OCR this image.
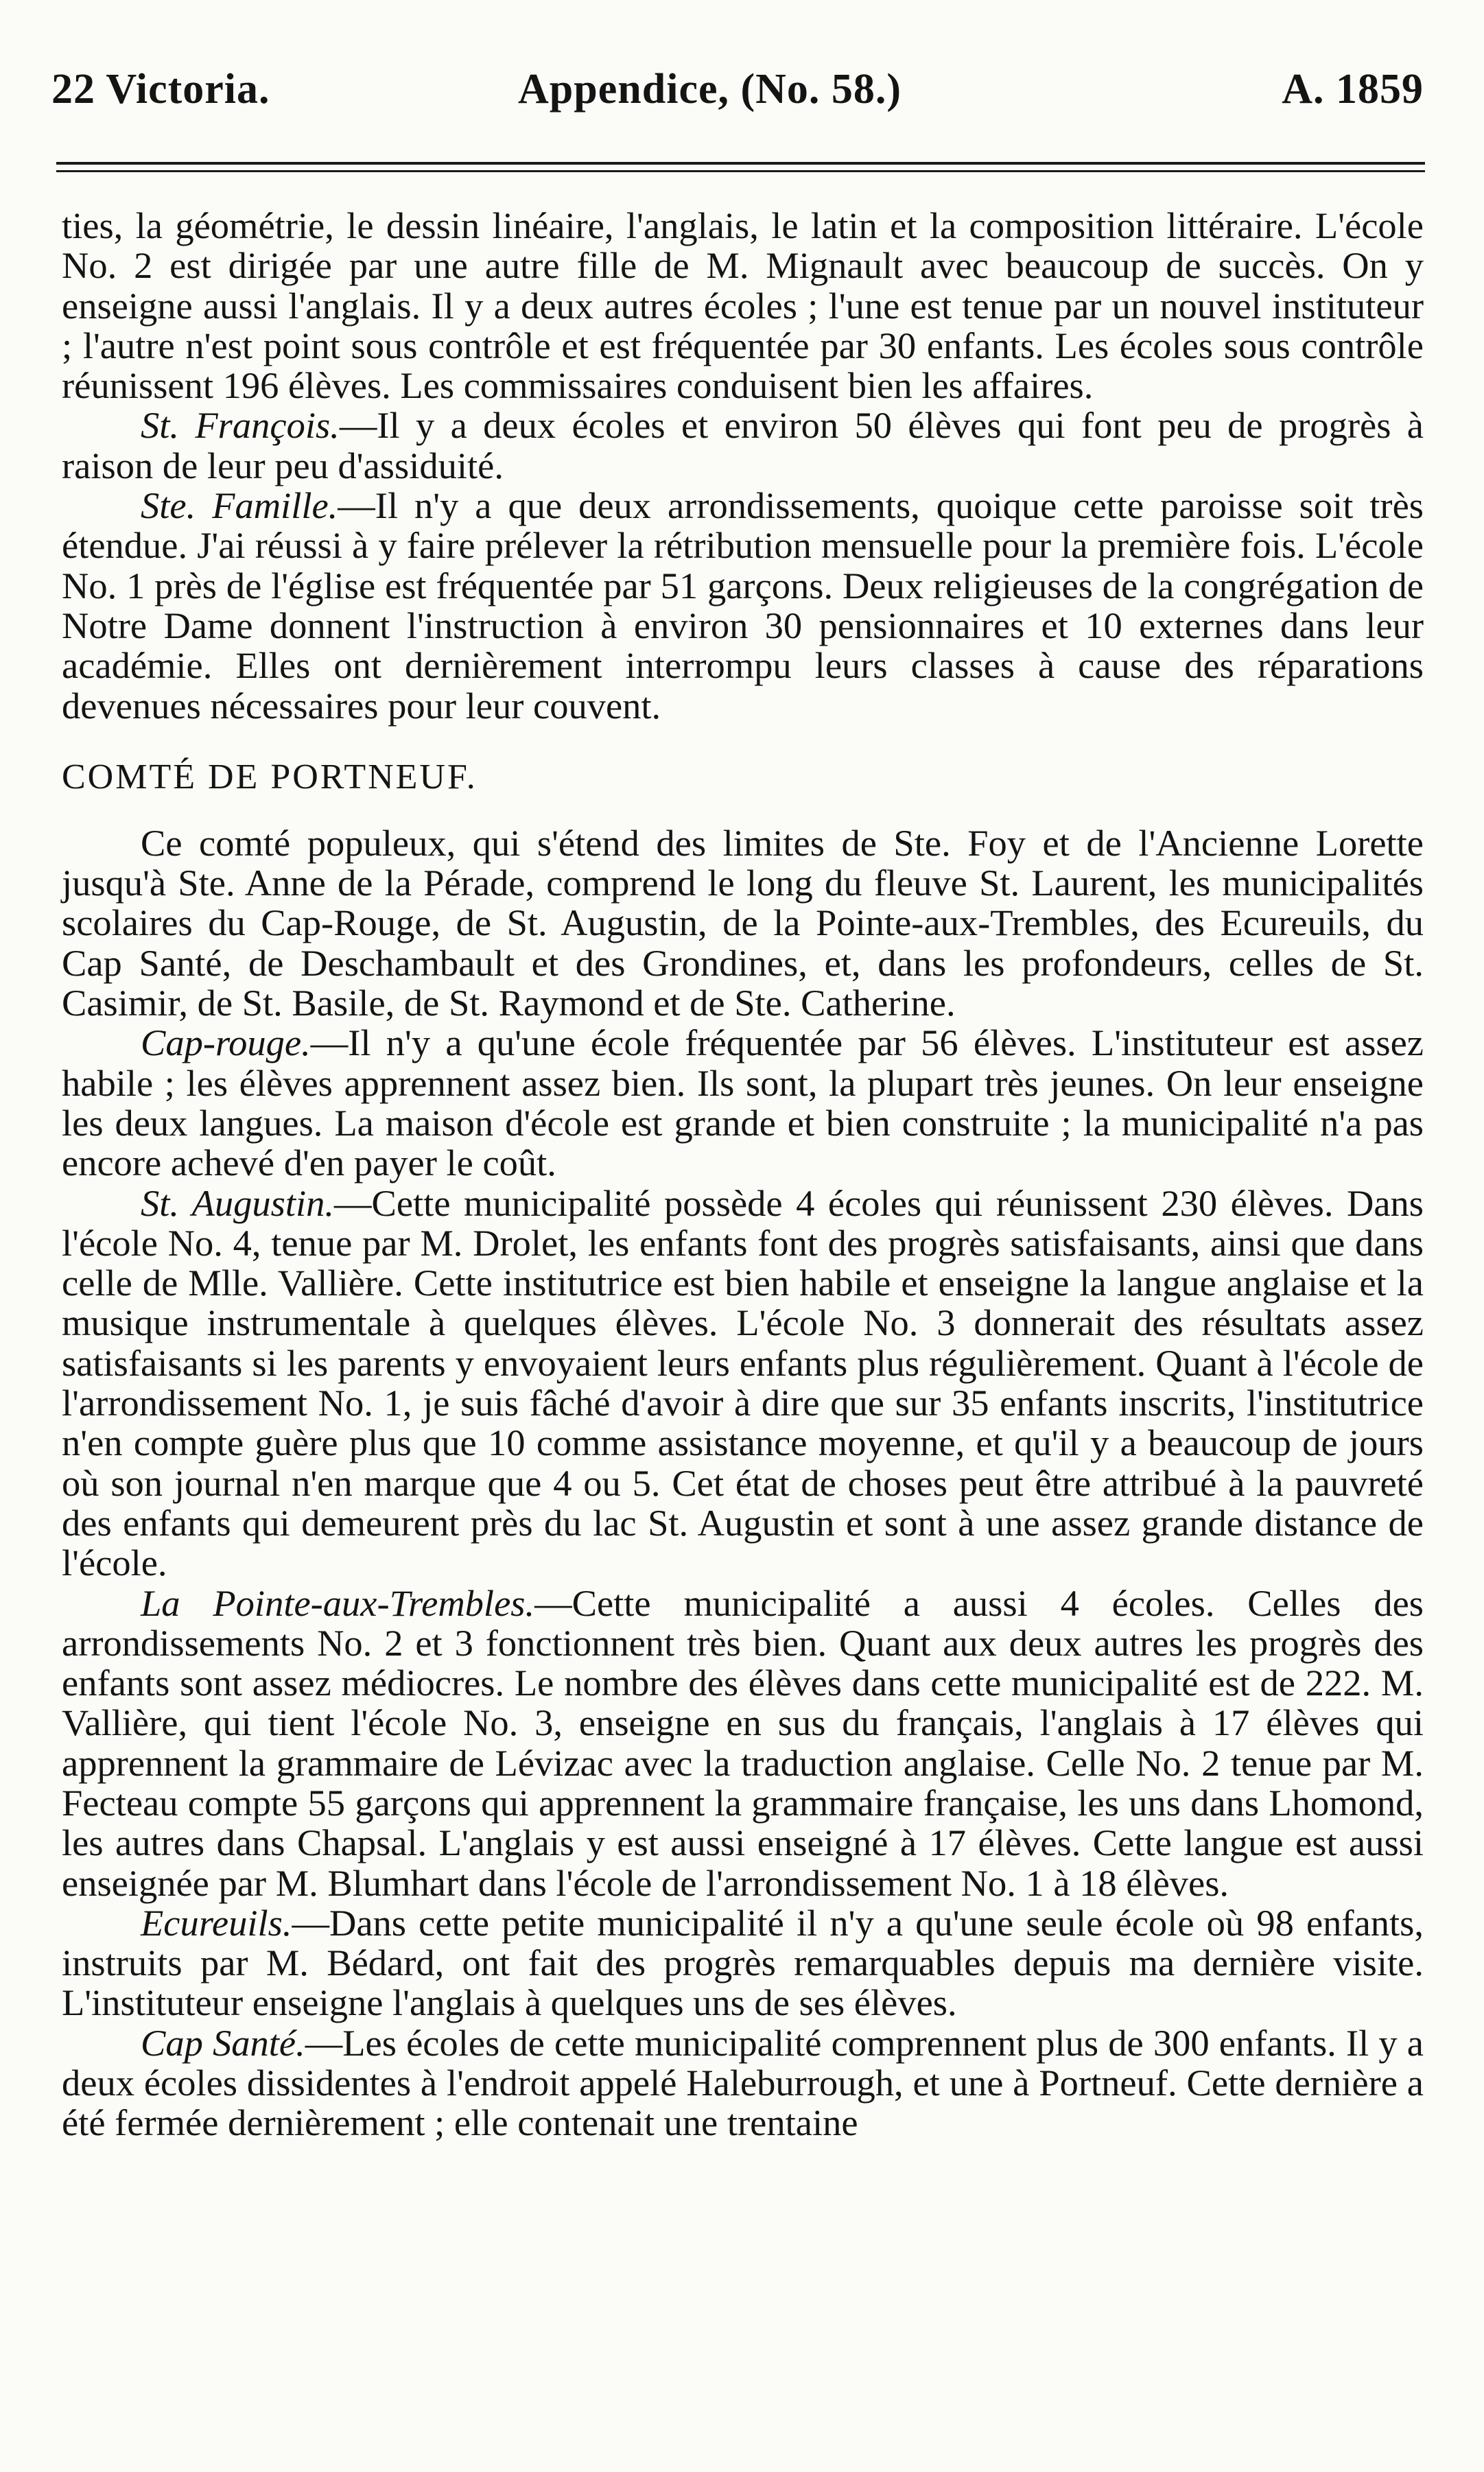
22 Victoria.	Appendice, (No. 58.)	A. 1859

ties, la géométrie, le dessin linéaire, l'anglais, le latin et la composition littéraire. L'école No. 2 est dirigée par une autre fille de M. Mignault avec beaucoup de succès. On y enseigne aussi l'anglais. Il y a deux autres écoles ; l'une est tenue par un nouvel instituteur ; l'autre n'est point sous contrôle et est fréquentée par 30 enfants. Les écoles sous contrôle réunissent 196 élèves. Les commissaires conduisent bien les affaires.

St. François.—Il y a deux écoles et environ 50 élèves qui font peu de progrès à raison de leur peu d'assiduité.

Ste. Famille.—Il n'y a que deux arrondissements, quoique cette paroisse soit très étendue. J'ai réussi à y faire prélever la rétribution mensuelle pour la première fois. L'école No. 1 près de l'église est fréquentée par 51 garçons. Deux religieuses de la congrégation de Notre Dame donnent l'instruction à environ 30 pensionnaires et 10 externes dans leur académie. Elles ont dernièrement interrompu leurs classes à cause des réparations devenues nécessaires pour leur couvent.

COMTÉ DE PORTNEUF.

Ce comté populeux, qui s'étend des limites de Ste. Foy et de l'Ancienne Lorette jusqu'à Ste. Anne de la Pérade, comprend le long du fleuve St. Laurent, les municipalités scolaires du Cap-Rouge, de St. Augustin, de la Pointe-aux-Trembles, des Ecureuils, du Cap Santé, de Deschambault et des Grondines, et, dans les profondeurs, celles de St. Casimir, de St. Basile, de St. Raymond et de Ste. Catherine.

Cap-rouge.—Il n'y a qu'une école fréquentée par 56 élèves. L'instituteur est assez habile ; les élèves apprennent assez bien. Ils sont, la plupart très jeunes. On leur enseigne les deux langues. La maison d'école est grande et bien construite ; la municipalité n'a pas encore achevé d'en payer le coût.

St. Augustin.—Cette municipalité possède 4 écoles qui réunissent 230 élèves. Dans l'école No. 4, tenue par M. Drolet, les enfants font des progrès satisfaisants, ainsi que dans celle de Mlle. Vallière. Cette institutrice est bien habile et enseigne la langue anglaise et la musique instrumentale à quelques élèves. L'école No. 3 donnerait des résultats assez satisfaisants si les parents y envoyaient leurs enfants plus régulièrement. Quant à l'école de l'arrondissement No. 1, je suis fâché d'avoir à dire que sur 35 enfants inscrits, l'institutrice n'en compte guère plus que 10 comme assistance moyenne, et qu'il y a beaucoup de jours où son journal n'en marque que 4 ou 5. Cet état de choses peut être attribué à la pauvreté des enfants qui demeurent près du lac St. Augustin et sont à une assez grande distance de l'école.

La Pointe-aux-Trembles.—Cette municipalité a aussi 4 écoles. Celles des arrondissements No. 2 et 3 fonctionnent très bien. Quant aux deux autres les progrès des enfants sont assez médiocres. Le nombre des élèves dans cette municipalité est de 222. M. Vallière, qui tient l'école No. 3, enseigne en sus du français, l'anglais à 17 élèves qui apprennent la grammaire de Lévizac avec la traduction anglaise. Celle No. 2 tenue par M. Fecteau compte 55 garçons qui apprennent la grammaire française, les uns dans Lhomond, les autres dans Chapsal. L'anglais y est aussi enseigné à 17 élèves. Cette langue est aussi enseignée par M. Blumhart dans l'école de l'arrondissement No. 1 à 18 élèves.

Ecureuils.—Dans cette petite municipalité il n'y a qu'une seule école où 98 enfants, instruits par M. Bédard, ont fait des progrès remarquables depuis ma dernière visite. L'instituteur enseigne l'anglais à quelques uns de ses élèves.

Cap Santé.—Les écoles de cette municipalité comprennent plus de 300 enfants. Il y a deux écoles dissidentes à l'endroit appelé Haleburrough, et une à Portneuf. Cette dernière a été fermée dernièrement ; elle contenait une trentaine
